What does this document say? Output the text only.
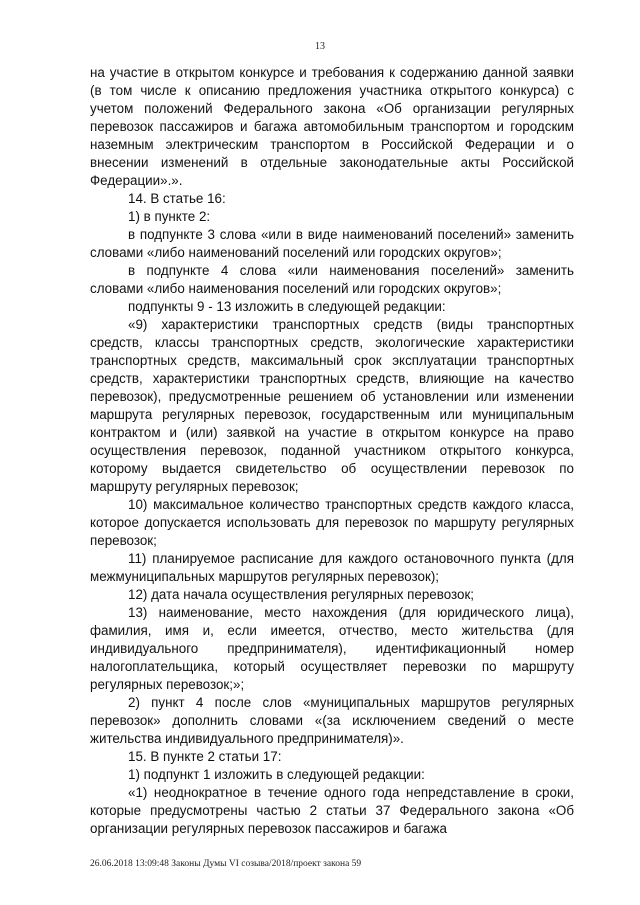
13

на участие в открытом конкурсе и требования к содержанию данной заявки (в том числе к описанию предложения участника открытого конкурса) с учетом положений Федерального закона «Об организации регулярных перевозок пассажиров и багажа автомобильным транспортом и городским наземным электрическим транспортом в Российской Федерации и о внесении изменений в отдельные законодательные акты Российской Федерации».».

14. В статье 16:

1) в пункте 2:

в подпункте 3 слова «или в виде наименований поселений» заменить словами «либо наименований поселений или городских округов»;

в подпункте 4 слова «или наименования поселений» заменить словами «либо наименования поселений или городских округов»;

подпункты 9 - 13 изложить в следующей редакции:

«9) характеристики транспортных средств (виды транспортных средств, классы транспортных средств, экологические характеристики транспортных средств, максимальный срок эксплуатации транспортных средств, характеристики транспортных средств, влияющие на качество перевозок), предусмотренные решением об установлении или изменении маршрута регулярных перевозок, государственным или муниципальным контрактом и (или) заявкой на участие в открытом конкурсе на право осуществления перевозок, поданной участником открытого конкурса, которому выдается свидетельство об осуществлении перевозок по маршруту регулярных перевозок;

10) максимальное количество транспортных средств каждого класса, которое допускается использовать для перевозок по маршруту регулярных перевозок;

11) планируемое расписание для каждого остановочного пункта (для межмуниципальных маршрутов регулярных перевозок);

12) дата начала осуществления регулярных перевозок;

13) наименование, место нахождения (для юридического лица), фамилия, имя и, если имеется, отчество, место жительства (для индивидуального предпринимателя), идентификационный номер налогоплательщика, который осуществляет перевозки по маршруту регулярных перевозок;»;

2) пункт 4 после слов «муниципальных маршрутов регулярных перевозок» дополнить словами «(за исключением сведений о месте жительства индивидуального предпринимателя)».

15. В пункте 2 статьи 17:

1) подпункт 1 изложить в следующей редакции:

«1) неоднократное в течение одного года непредставление в сроки, которые предусмотрены частью 2 статьи 37 Федерального закона «Об организации регулярных перевозок пассажиров и багажа

26.06.2018 13:09:48 Законы Думы VI созыва/2018/проект закона 59
